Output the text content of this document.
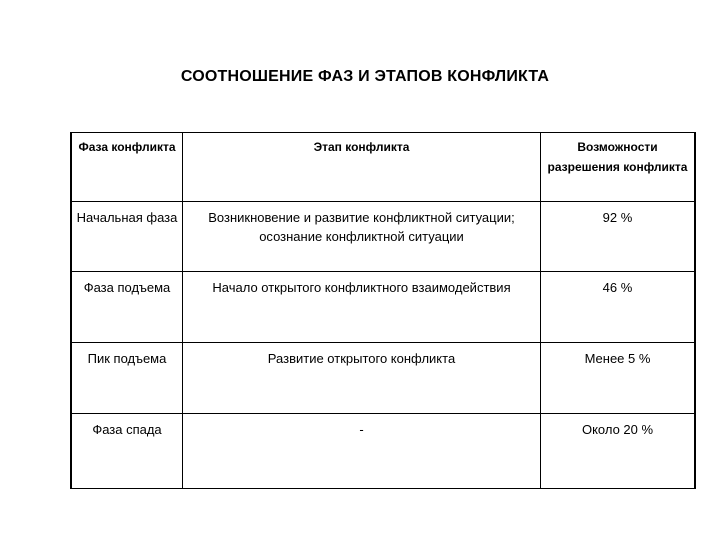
СООТНОШЕНИЕ ФАЗ И ЭТАПОВ КОНФЛИКТА
Фаза конфликта	Этап конфликта	Возможности разрешения конфликта
Начальная фаза	Возникновение и развитие конфликтной ситуации; осознание конфликтной ситуации	92 %
Фаза подъема	Начало открытого конфликтного взаимодействия	46 %
Пик подъема	Развитие открытого конфликта	Менее 5 %
Фаза спада	-	Около 20 %
